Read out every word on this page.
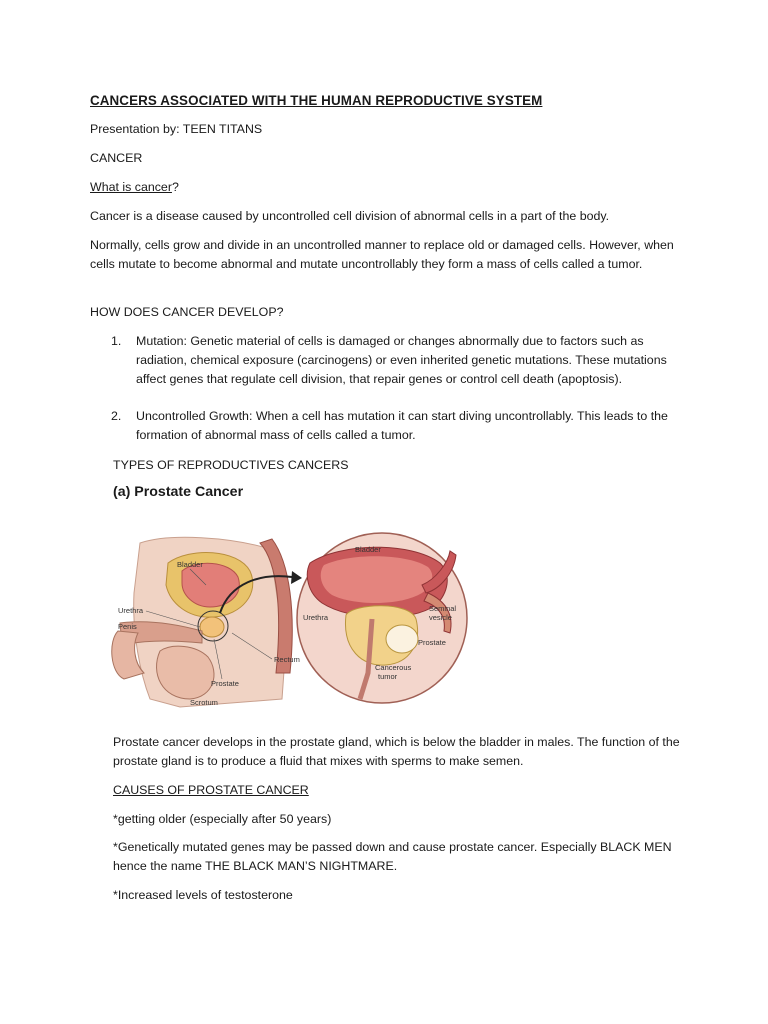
CANCERS ASSOCIATED WITH THE HUMAN REPRODUCTIVE SYSTEM
Presentation by: TEEN TITANS
CANCER
What is cancer?
Cancer is a disease caused by uncontrolled cell division of abnormal cells in a part of the body.
Normally, cells grow and divide in an uncontrolled manner to replace old or damaged cells. However, when cells mutate to become abnormal and mutate uncontrollably they form a mass of cells called a tumor.
HOW DOES CANCER DEVELOP?
1. Mutation: Genetic material of cells is damaged or changes abnormally due to factors such as radiation, chemical exposure (carcinogens) or even inherited genetic mutations. These mutations affect genes that regulate cell division, that repair genes or control cell death (apoptosis).
2. Uncontrolled Growth: When a cell has mutation it can start diving uncontrollably. This leads to the formation of abnormal mass of cells called a tumor.
TYPES OF REPRODUCTIVES CANCERS
(a) Prostate Cancer
Bladder
Urethra
Penis
Rectum
Prostate
Scrotum
Bladder
Urethra
Seminal
vesicle
Prostate
Cancerous
tumor
Prostate cancer develops in the prostate gland, which is below the bladder in males. The function of the prostate gland is to produce a fluid that mixes with sperms to make semen.
CAUSES OF PROSTATE CANCER
*getting older (especially after 50 years)
*Genetically mutated genes may be passed down and cause prostate cancer. Especially BLACK MEN hence the name THE BLACK MAN’S NIGHTMARE.
*Increased levels of testosterone
